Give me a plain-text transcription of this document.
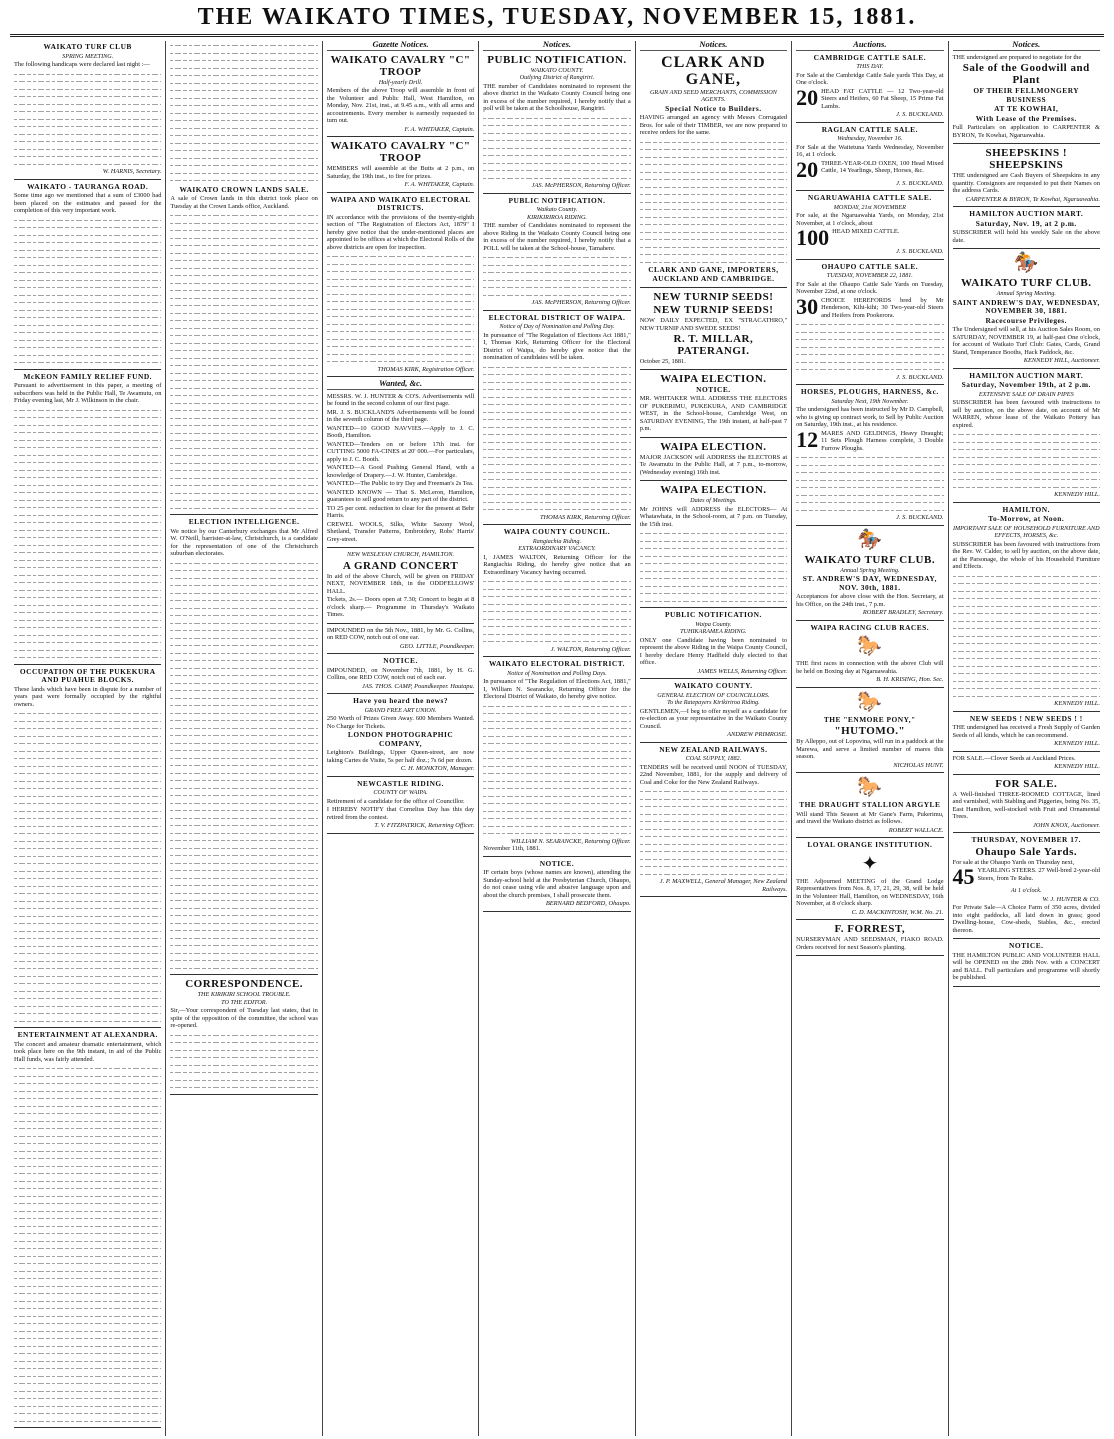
THE WAIKATO TIMES, TUESDAY, NOVEMBER 15, 1881.
WAIKATO TURF CLUB
SPRING MEETING.

The following handicaps were declared last night :—

W. HARNIS, Secretary.
WAIKATO - TAURANGA ROAD.

Some time ago we mentioned that a sum of £3000 had been placed on the estimates and passed for the completion of this very important work.

McKEON FAMILY RELIEF FUND.

Pursuant to advertisement in this paper, a meeting of subscribers was held in the Public Hall, Te Awamutu, on Friday evening last, Mr J. Wilkinson in the chair.

OCCUPATION OF THE PUKEKURA AND PUAHUE BLOCKS.

These lands which have been in dispute for a number of years past were formally occupied by the rightful owners.

ENTERTAINMENT AT ALEXANDRA.

The concert and amateur dramatic entertainment, which took place here on the 9th instant, in aid of the Public Hall funds, was fairly attended.

WAIKATO CROWN LANDS SALE.

A sale of Crown lands in this district took place on Tuesday at the Crown Lands office, Auckland.

ELECTION INTELLIGENCE.

We notice by our Canterbury exchanges that Mr Alfred W. O'Neill, barrister-at-law, Christchurch, is a candidate for the representation of one of the Christchurch suburban electorates.

CORRESPONDENCE.
THE KIRIKIRI SCHOOL TROUBLE.
TO THE EDITOR.

Sir,—Your correspondent of Tuesday last states, that in spite of the opposition of the committee, the school was re-opened.

Gazette Notices.
WAIKATO CAVALRY "C" TROOP
Half-yearly Drill.

Members of the above Troop will assemble in front of the Volunteer and Public Hall, West Hamilton, on Monday, Nov. 21st, inst., at 9.45 a.m., with all arms and accoutrements. Every member is earnestly requested to turn out.

F. A. WHITAKER, Captain.
WAIKATO CAVALRY "C" TROOP

MEMBERS will assemble at the Butts at 2 p.m., on Saturday, the 19th inst., to fire for prizes.

F. A. WHITAKER, Captain.
WAIPA AND WAIKATO ELECTORAL DISTRICTS.

IN accordance with the provisions of the twenty-eighth section of "The Registration of Electors Act, 1879" I hereby give notice that the under-mentioned places are appointed to be offices at which the Electoral Rolls of the above districts are open for inspection.

THOMAS KIRK, Registration Officer.
Wanted, &c.

MESSRS. W. J. HUNTER & CO'S. Advertisements will be found in the second column of our first page.

MR. J. S. BUCKLAND'S Advertisements will be found in the seventh column of the third page.

WANTED—10 GOOD NAVVIES.—Apply to J. C. Booth, Hamilton.

WANTED—Tenders on or before 17th inst. for CUTTING 5000 FA-CINES at 20' 000.—For particulars, apply to J. C. Booth.

WANTED—A Good Pushing General Hand, with a knowledge of Drapery.—J. W. Hunter, Cambridge.

WANTED—The Public to try Day and Freeman's 2s Tea.

WANTED KNOWN — That S. McLeron, Hamilton, guarantees to sell good return to any part of the district.

TO 25 per cent. reduction to clear for the present at Behr Harris.

CREWEL WOOLS, Silks, White Saxony Wool, Shetland, Transfer Patterns, Embroidery, Robs' Harris' Grey-street.

NEW WESLEYAN CHURCH, HAMILTON.
A GRAND CONCERT

In aid of the above Church, will be given on FRIDAY NEXT, NOVEMBER 18th, in the ODDFELLOWS' HALL.

Tickets, 2s.— Doors open at 7.30; Concert to begin at 8 o'clock sharp.— Programme in Thursday's Waikato Times.

IMPOUNDED on the 5th Nov., 1881, by Mr. G. Collins, on RED COW, notch out of one ear.

GEO. LITTLE, Poundkeeper.
NOTICE.

IMPOUNDED, on November 7th, 1881, by H. G. Collins, one RED COW, notch out of each ear.

JAS. THOS. CAMP, Poundkeeper. Hautapu.
Have you heard the news?
GRAND FREE ART UNION.

250 Worth of Prizes Given Away. 600 Members Wanted. No Charge for Tickets.

LONDON PHOTOGRAPHIC COMPANY,

Leighton's Buildings, Upper Queen-street, are now taking Cartes de Visite, 5s per half doz.; 7s 6d per dozen.

C. H. MONKTON, Manager.
NEWCASTLE RIDING.
COUNTY OF WAIPA.

Retirement of a candidate for the office of Councillor.

I HEREBY NOTIFY that Cornelius Day has this day retired from the contest.

T. V. FITZPATRICK, Returning Officer.
Notices.
PUBLIC NOTIFICATION.
WAIKATO COUNTY.
Outlying District of Rangiriri.

THE number of Candidates nominated to represent the above district in the Waikato County Council being one in excess of the number required, I hereby notify that a poll will be taken at the Schoolhouse, Rangiriri.

JAS. McPHERSON, Returning Officer.
PUBLIC NOTIFICATION.
Waikato County.
KIRIKIRIROA RIDING.

THE number of Candidates nominated to represent the above Riding in the Waikato County Council being one in excess of the number required, I hereby notify that a POLL will be taken at the School-house, Tamahere.

JAS. McPHERSON, Returning Officer.
ELECTORAL DISTRICT OF WAIPA.
Notice of Day of Nomination and Polling Day.

In pursuance of "The Regulation of Elections Act 1881," I, Thomas Kirk, Returning Officer for the Electoral District of Waipa, do hereby give notice that the nomination of candidates will be taken.

THOMAS KIRK, Returning Officer.
WAIPA COUNTY COUNCIL.
Rangiachia Riding.
EXTRAORDINARY VACANCY.

I, JAMES WALTON, Returning Officer for the Rangiachia Riding, do hereby give notice that an Extraordinary Vacancy having occurred.

J. WALTON, Returning Officer.
WAIKATO ELECTORAL DISTRICT.
Notice of Nomination and Polling Days.

In pursuance of "The Regulation of Elections Act, 1881," I, William N. Searancke, Returning Officer for the Electoral District of Waikato, do hereby give notice.

WILLIAM N. SEARANCKE, Returning Officer.
November 11th, 1881.
NOTICE.

IF certain boys (whose names are known), attending the Sunday-school held at the Presbyterian Church, Ohaupo, do not cease using vile and abusive language upon and about the church premises, I shall prosecute them.

BERNARD BEDFORD, Ohaupo.
Notices.
CLARK AND GANE,
GRAIN AND SEED MERCHANTS, COMMISSION AGENTS.
Special Notice to Builders.

HAVING arranged an agency with Messrs Corrugated Bros. for sale of their TIMBER, we are now prepared to receive orders for the same.

CLARK AND GANE, IMPORTERS, AUCKLAND AND CAMBRIDGE.
NEW TURNIP SEEDS!
NEW TURNIP SEEDS!

NOW DAILY EXPECTED, EX "STRACATHRO," NEW TURNIP AND SWEDE SEEDS!

R. T. MILLAR, PATERANGI.
October 25, 1881.
WAIPA ELECTION.
NOTICE.

MR. WHITAKER WILL ADDRESS THE ELECTORS OF PUKERIMU, PUKEKURA, AND CAMBRIDGE WEST, in the School-house, Cambridge West, on SATURDAY EVENING, The 19th instant, at half-past 7 p.m.

WAIPA ELECTION.

MAJOR JACKSON will ADDRESS the ELECTORS at Te Awamutu in the Public Hall, at 7 p.m., to-morrow, (Wednesday evening) 16th inst.

WAIPA ELECTION.
Dates of Meetings.

Mr JOHNS will ADDRESS the ELECTORS— At Whatawhata, in the School-room, at 7 p.m. on Tuesday, the 15th inst.

PUBLIC NOTIFICATION.
Waipa County.
TUHIKARAMEA RIDING.

ONLY one Candidate having been nominated to represent the above Riding in the Waipa County Council, I hereby declare Henry Hadfield duly elected to that office.

JAMES WELLS, Returning Officer.
WAIKATO COUNTY.
GENERAL ELECTION OF COUNCILLORS.
To the Ratepayers Kirikiriroa Riding.

GENTLEMEN,—I beg to offer myself as a candidate for re-election as your representative in the Waikato County Council.

ANDREW PRIMROSE.
NEW ZEALAND RAILWAYS.
COAL SUPPLY, 1882.

TENDERS will be received until NOON of TUESDAY, 22nd November, 1881, for the supply and delivery of Coal and Coke for the New Zealand Railways.

J. P. MAXWELL, General Manager, New Zealand Railways.
Auctions.
CAMBRIDGE CATTLE SALE.
THIS DAY.

For Sale at the Cambridge Cattle Sale yards This Day, at One o'clock.

20 HEAD FAT CATTLE — 12 Two-year-old Steers and Heifers, 60 Fat Sheep, 15 Prime Fat Lambs.

J. S. BUCKLAND.
RAGLAN CATTLE SALE.
Wednesday, November 16.

For Sale at the Waitetuna Yards Wednesday, November 16, at 1 o'clock.

20 THREE-YEAR-OLD OXEN, 100 Head Mixed Cattle, 14 Yearlings, Sheep, Horses, &c.

J. S. BUCKLAND.
NGARUAWAHIA CATTLE SALE.
MONDAY, 21st NOVEMBER

For sale, at the Ngaruawahia Yards, on Monday, 21st November, at 1 o'clock, about

100 HEAD MIXED CATTLE.

J. S. BUCKLAND.
OHAUPO CATTLE SALE.
TUESDAY, NOVEMBER 22, 1881.

For Sale at the Ohaupo Cattle Sale Yards on Tuesday, November 22nd, at one o'clock.

30 CHOICE HEREFORDS bred by Mr Henderson, Kihi-kihi; 30 Two-year-old Steers and Heifers from Pookerora.

J. S. BUCKLAND.
HORSES, PLOUGHS, HARNESS, &c.
Saturday Next, 19th November.

The undersigned has been instructed by Mr D. Campbell, who is giving up contract work, to Sell by Public Auction on Saturday, 19th inst., at his residence.

12 MARES AND GELDINGS, Heavy Draught; 11 Sets Plough Harness complete, 3 Double Furrow Ploughs.

J. S. BUCKLAND.
🏇
WAIKATO TURF CLUB.
Annual Spring Meeting.
ST. ANDREW'S DAY, WEDNESDAY, NOV. 30th, 1881.

Acceptances for above close with the Hon. Secretary, at his Office, on the 24th inst., 7 p.m.

ROBERT BRADLEY, Secretary.
WAIPA RACING CLUB RACES.
🐎

THE first races in connection with the above Club will be held on Boxing day at Ngaruawahia.

B. H. KRISING, Hon. Sec.
🐎
THE "ENMORE PONY,"
"HUTOMO."

By Alleppo, out of Lopovina, will run in a paddock at the Marewa, and serve a limited number of mares this season.

NICHOLAS HUNT.
🐎
THE DRAUGHT STALLION ARGYLE

Will stand This Season at Mr Gane's Farm, Pukerimu, and travel the Waikato district as follows.

ROBERT WALLACE.
LOYAL ORANGE INSTITUTION.
✦

THE Adjourned MEETING of the Grand Lodge Representatives from Nos. 8, 17, 21, 29, 38, will be held in the Volunteer Hall, Hamilton, on WEDNESDAY, 16th November, at 8 o'clock sharp.

C. D. MACKINTOSH, W.M. No. 21.
F. FORREST,

NURSERYMAN AND SEEDSMAN, FIAKO ROAD. Orders received for next Season's planting.

Notices.

THE undersigned are prepared to negotiate for the

Sale of the Goodwill and Plant
OF THEIR FELLMONGERY BUSINESS
AT TE KOWHAI,
With Lease of the Premises.

Full Particulars on application to CARPENTER & BYRON, Te Kowhai, Ngaruawahia.

SHEEPSKINS ! SHEEPSKINS

THE undersigned are Cash Buyers of Sheepskins in any quantity. Consignors are requested to put their Names on the address Cards.

CARPENTER & BYRON, Te Kowhai, Ngaruawahia.
HAMILTON AUCTION MART.
Saturday, Nov. 19, at 2 p.m.

SUBSCRIBER will hold his weekly Sale on the above date.

🏇
WAIKATO TURF CLUB.
Annual Spring Meeting.
SAINT ANDREW'S DAY, WEDNESDAY, NOVEMBER 30, 1881.
Racecourse Privileges.

The Undersigned will sell, at his Auction Sales Room, on SATURDAY, NOVEMBER 19, at half-past One o'clock, for account of Waikato Turf Club: Gates, Cards, Grand Stand, Temperance Booths, Hack Paddock, &c.

KENNEDY HILL, Auctioneer.
HAMILTON AUCTION MART.
Saturday, November 19th, at 2 p.m.
EXTENSIVE SALE OF DRAIN PIPES

SUBSCRIBER has been favoured with instructions to sell by auction, on the above date, on account of Mr WARREN, whose lease of the Waikato Pottery has expired.

KENNEDY HILL.
HAMILTON.
To-Morrow, at Noon.
IMPORTANT SALE OF HOUSEHOLD FURNITURE AND EFFECTS, HORSES, &c.

SUBSCRIBER has been favoured with instructions from the Rev. W. Calder, to sell by auction, on the above date, at the Parsonage, the whole of his Household Furniture and Effects.

KENNEDY HILL.
NEW SEEDS ! NEW SEEDS ! !

THE undersigned has received a Fresh Supply of Garden Seeds of all kinds, which he can recommend.

KENNEDY HILL.

FOR SALE.—Clover Seeds at Auckland Prices.

KENNEDY HILL.
FOR SALE.

A Well-finished THREE-ROOMED COTTAGE, lined and varnished, with Stabling and Piggeries, being No. 35, East Hamilton, well-stocked with Fruit and Ornamental Trees.

JOHN KNOX, Auctioneer.
THURSDAY, NOVEMBER 17.
Ohaupo Sale Yards.

For sale at the Ohaupo Yards on Thursday next,

45 YEARLING STEERS. 27 Well-bred 2-year-old Steers, from Te Rahu.

At 1 o'clock.
W. J. HUNTER & CO.

For Private Sale—A Choice Farm of 350 acres, divided into eight paddocks, all laid down in grass; good Dwelling-house, Cow-sheds, Stables, &c., erected thereon.

NOTICE.

THE HAMILTON PUBLIC AND VOLUNTEER HALL will be OPENED on the 28th Nov. with a CONCERT and BALL. Full particulars and programme will shortly be published.
